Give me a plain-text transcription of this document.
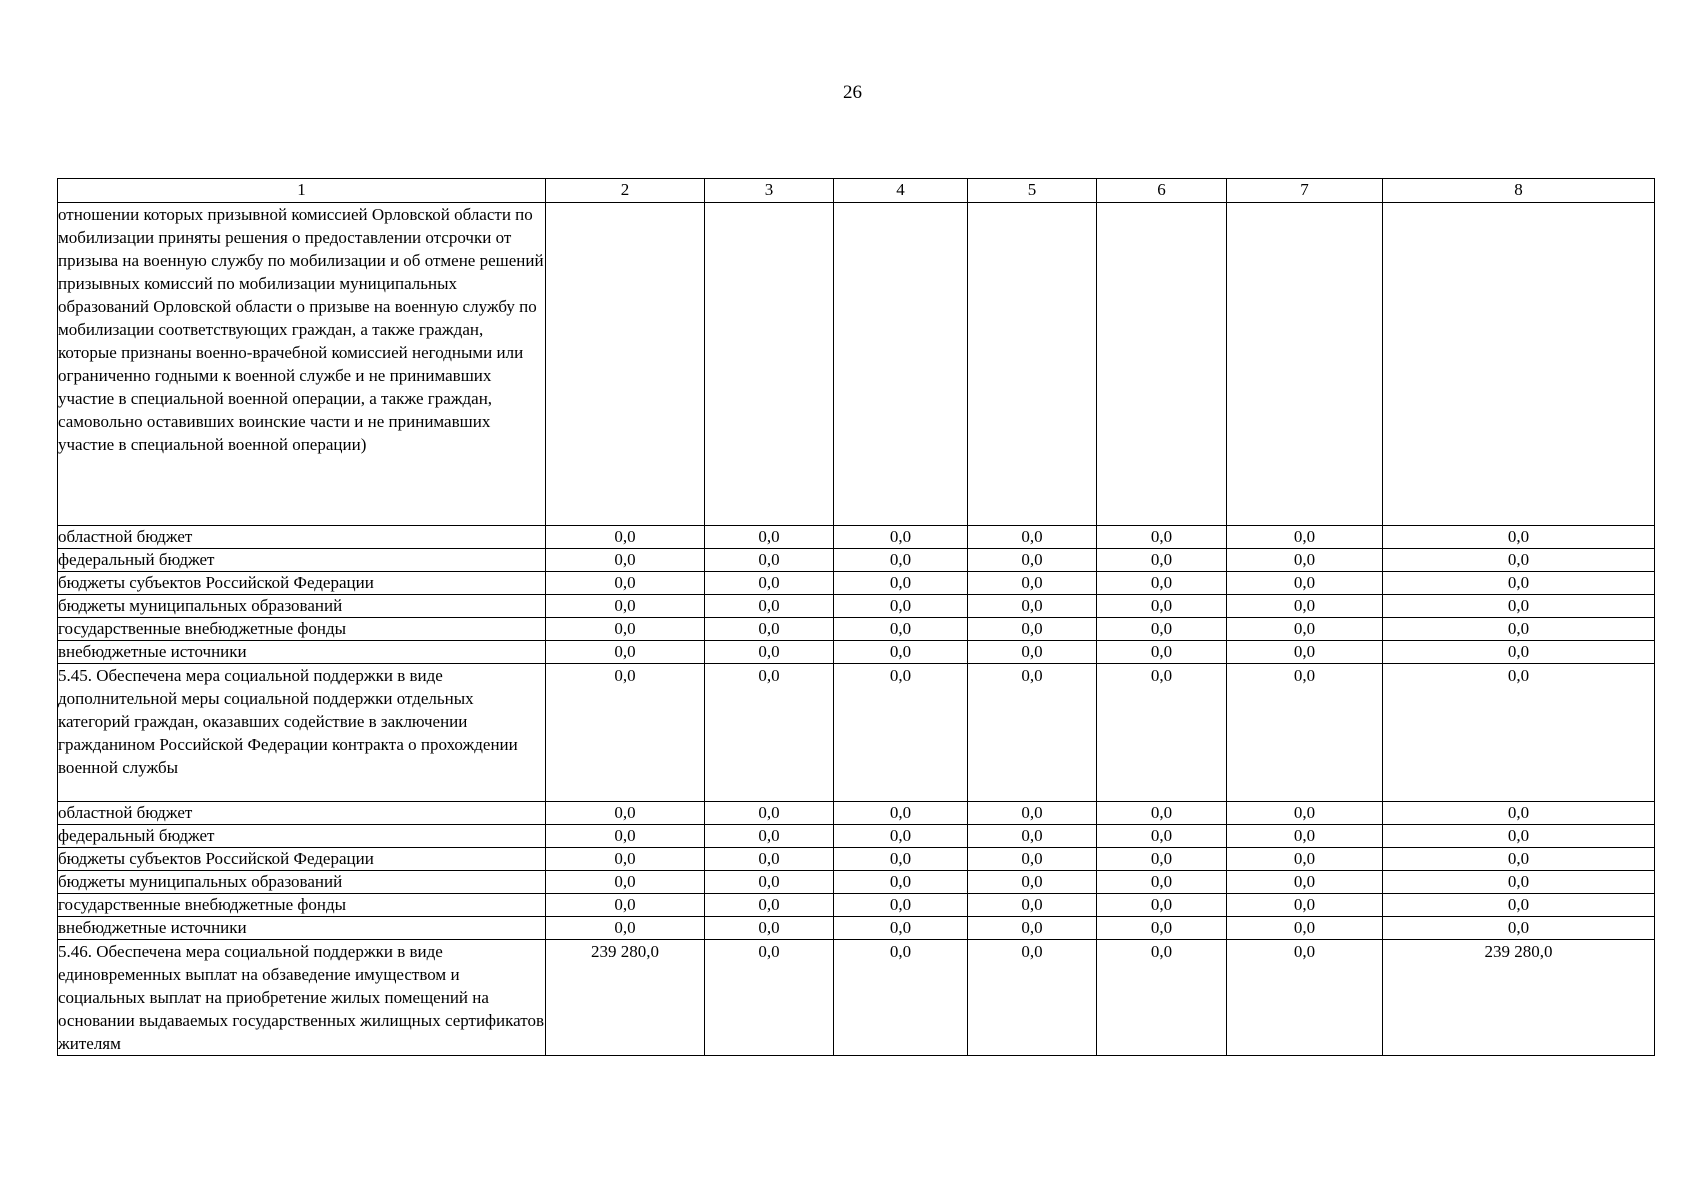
26
1	2	3	4	5	6	7	8
отношении которых призывной комиссией Орловской области по мобилизации приняты решения о предоставлении отсрочки от призыва на военную службу по мобилизации и об отмене решений призывных комиссий по мобилизации муниципальных образований Орловской области о призыве на военную службу по мобилизации соответствующих граждан, а также граждан, которые признаны военно-врачебной комиссией негодными или ограниченно годными к военной службе и не принимавших участие в специальной военной операции, а также граждан, самовольно оставивших воинские части и не принимавших участие в специальной военной операции)							
областной бюджет	0,0	0,0	0,0	0,0	0,0	0,0	0,0
федеральный бюджет	0,0	0,0	0,0	0,0	0,0	0,0	0,0
бюджеты субъектов Российской Федерации	0,0	0,0	0,0	0,0	0,0	0,0	0,0
бюджеты муниципальных образований	0,0	0,0	0,0	0,0	0,0	0,0	0,0
государственные внебюджетные фонды	0,0	0,0	0,0	0,0	0,0	0,0	0,0
внебюджетные источники	0,0	0,0	0,0	0,0	0,0	0,0	0,0
5.45. Обеспечена мера социальной поддержки в виде дополнительной меры социальной поддержки отдельных категорий граждан, оказавших содействие в заключении гражданином Российской Федерации контракта о прохождении военной службы	0,0	0,0	0,0	0,0	0,0	0,0	0,0
областной бюджет	0,0	0,0	0,0	0,0	0,0	0,0	0,0
федеральный бюджет	0,0	0,0	0,0	0,0	0,0	0,0	0,0
бюджеты субъектов Российской Федерации	0,0	0,0	0,0	0,0	0,0	0,0	0,0
бюджеты муниципальных образований	0,0	0,0	0,0	0,0	0,0	0,0	0,0
государственные внебюджетные фонды	0,0	0,0	0,0	0,0	0,0	0,0	0,0
внебюджетные источники	0,0	0,0	0,0	0,0	0,0	0,0	0,0
5.46. Обеспечена мера социальной поддержки в виде единовременных выплат на обзаведение имуществом и социальных выплат на приобретение жилых помещений на основании выдаваемых государственных жилищных сертификатов жителям	239 280,0	0,0	0,0	0,0	0,0	0,0	239 280,0
